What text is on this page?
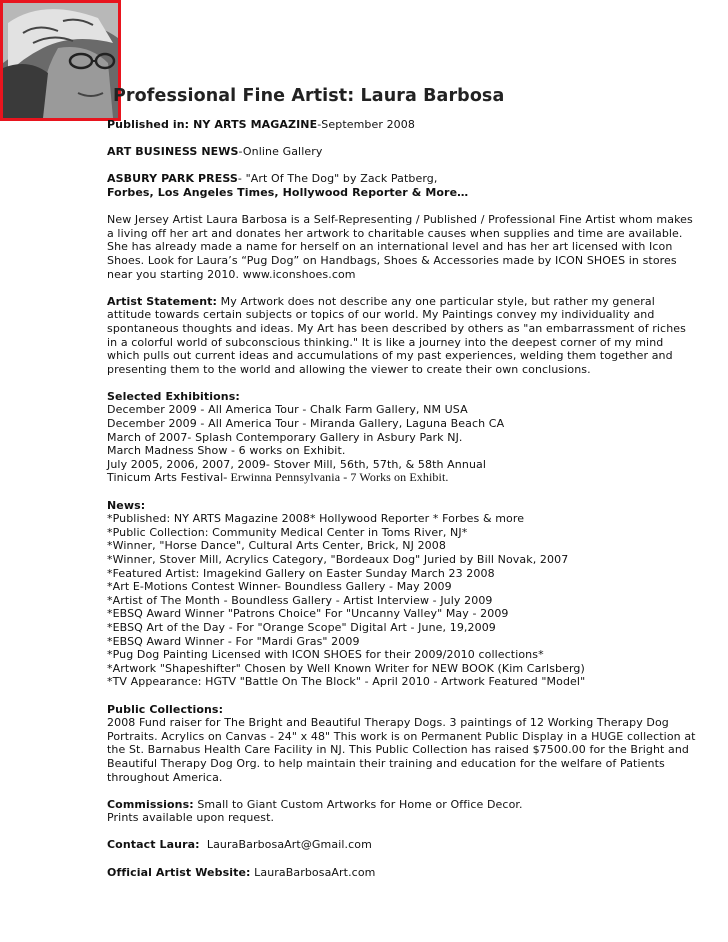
Professional Fine Artist: Laura Barbosa

Published in: NY ARTS MAGAZINE-September 2008

ART BUSINESS NEWS-Online Gallery

ASBURY PARK PRESS- "Art Of The Dog" by Zack Patberg,
Forbes, Los Angeles Times, Hollywood Reporter & More…

New Jersey Artist Laura Barbosa is a Self-Representing / Published / Professional Fine Artist whom makes a living off her art and donates her artwork to charitable causes when supplies and time are available. She has already made a name for herself on an international level and has her art licensed with Icon Shoes. Look for Laura’s “Pug Dog” on Handbags, Shoes & Accessories made by ICON SHOES in stores near you starting 2010. www.iconshoes.com

Artist Statement: My Artwork does not describe any one particular style, but rather my general attitude towards certain subjects or topics of our world. My Paintings convey my individuality and spontaneous thoughts and ideas. My Art has been described by others as "an embarrassment of riches in a colorful world of subconscious thinking." It is like a journey into the deepest corner of my mind which pulls out current ideas and accumulations of my past experiences, welding them together and presenting them to the world and allowing the viewer to create their own conclusions.

Selected Exhibitions:
December 2009 - All America Tour - Chalk Farm Gallery, NM USA
December 2009 - All America Tour - Miranda Gallery, Laguna Beach CA
March of 2007- Splash Contemporary Gallery in Asbury Park NJ.
March Madness Show - 6 works on Exhibit.
July 2005, 2006, 2007, 2009- Stover Mill, 56th, 57th, & 58th Annual
Tinicum Arts Festival- Erwinna Pennsylvania - 7 Works on Exhibit.

News:
*Published: NY ARTS Magazine 2008* Hollywood Reporter * Forbes & more
*Public Collection: Community Medical Center in Toms River, NJ*
*Winner, "Horse Dance", Cultural Arts Center, Brick, NJ 2008
*Winner, Stover Mill, Acrylics Category, "Bordeaux Dog" Juried by Bill Novak, 2007
*Featured Artist: Imagekind Gallery on Easter Sunday March 23 2008
*Art E-Motions Contest Winner- Boundless Gallery - May 2009
*Artist of The Month - Boundless Gallery - Artist Interview - July 2009
*EBSQ Award Winner "Patrons Choice" For "Uncanny Valley" May - 2009
*EBSQ Art of the Day - For "Orange Scope" Digital Art - June, 19,2009
*EBSQ Award Winner - For "Mardi Gras" 2009
*Pug Dog Painting Licensed with ICON SHOES for their 2009/2010 collections*
*Artwork "Shapeshifter" Chosen by Well Known Writer for NEW BOOK (Kim Carlsberg)
*TV Appearance: HGTV "Battle On The Block" - April 2010 - Artwork Featured "Model"

Public Collections:
2008 Fund raiser for The Bright and Beautiful Therapy Dogs. 3 paintings of 12 Working Therapy Dog Portraits. Acrylics on Canvas - 24" x 48" This work is on Permanent Public Display in a HUGE collection at the St. Barnabus Health Care Facility in NJ. This Public Collection has raised $7500.00 for the Bright and Beautiful Therapy Dog Org. to help maintain their training and education for the welfare of Patients throughout America.

Commissions: Small to Giant Custom Artworks for Home or Office Decor.
Prints available upon request.

Contact Laura:  LauraBarbosaArt@Gmail.com

Official Artist Website: LauraBarbosaArt.com
